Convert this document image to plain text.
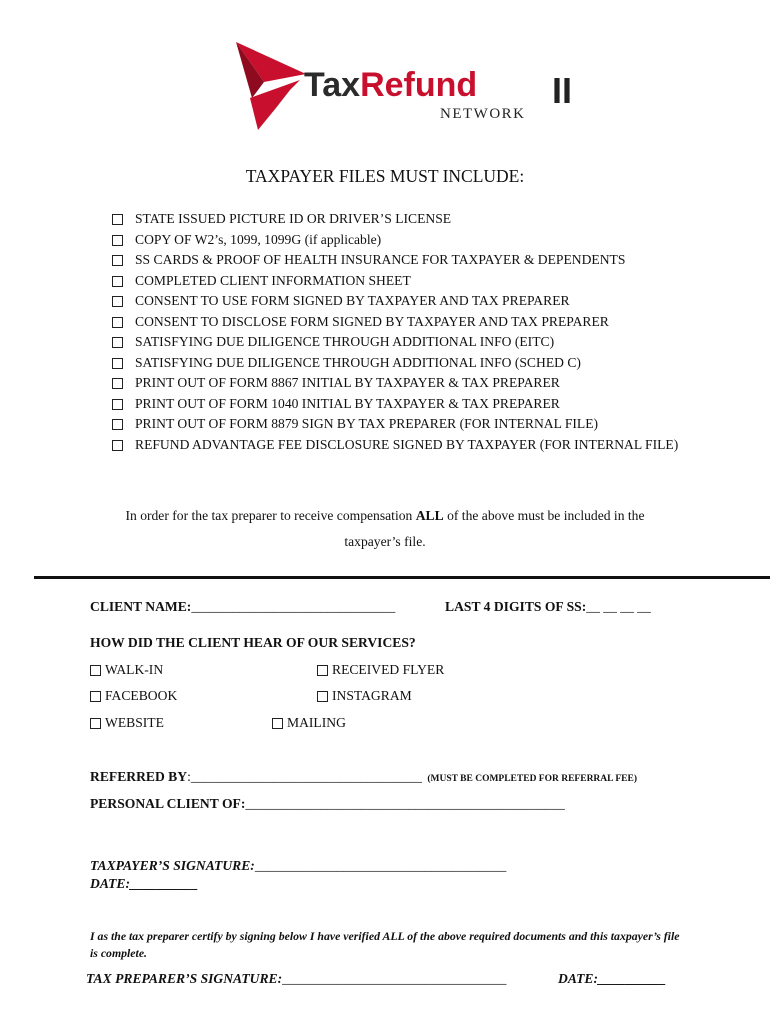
TaxRefund II
NETWORK
TAXPAYER FILES MUST INCLUDE:
STATE ISSUED PICTURE ID OR DRIVER’S LICENSE
COPY OF W2’s, 1099, 1099G (if applicable)
SS CARDS & PROOF OF HEALTH INSURANCE FOR TAXPAYER & DEPENDENTS
COMPLETED CLIENT INFORMATION SHEET
CONSENT TO USE FORM SIGNED BY TAXPAYER AND TAX PREPARER
CONSENT TO DISCLOSE FORM SIGNED BY TAXPAYER AND TAX PREPARER
SATISFYING DUE DILIGENCE THROUGH ADDITIONAL INFO (EITC)
SATISFYING DUE DILIGENCE THROUGH ADDITIONAL INFO (SCHED C)
PRINT OUT OF FORM 8867 INITIAL BY TAXPAYER & TAX PREPARER
PRINT OUT OF FORM 1040 INITIAL BY TAXPAYER & TAX PREPARER
PRINT OUT OF FORM 8879 SIGN BY TAX PREPARER (FOR INTERNAL FILE)
REFUND ADVANTAGE FEE DISCLOSURE SIGNED BY TAXPAYER (FOR INTERNAL FILE)
In order for the tax preparer to receive compensation ALL of the above must be included in the
taxpayer’s file.
CLIENT NAME:______________________________	LAST 4 DIGITS OF SS:__ __ __ __
HOW DID THE CLIENT HEAR OF OUR SERVICES?
WALK-IN	RECEIVED FLYER
FACEBOOK	INSTAGRAM
WEBSITE	MAILING
REFERRED BY:__________________________________ (MUST BE COMPLETED FOR REFERRAL FEE)
PERSONAL CLIENT OF:_______________________________________________
TAXPAYER’S SIGNATURE:_____________________________________
DATE:__________
I as the tax preparer certify by signing below I have verified ALL of the above required documents and this taxpayer’s file is complete.
TAX PREPARER’S SIGNATURE:_________________________________	DATE:__________
